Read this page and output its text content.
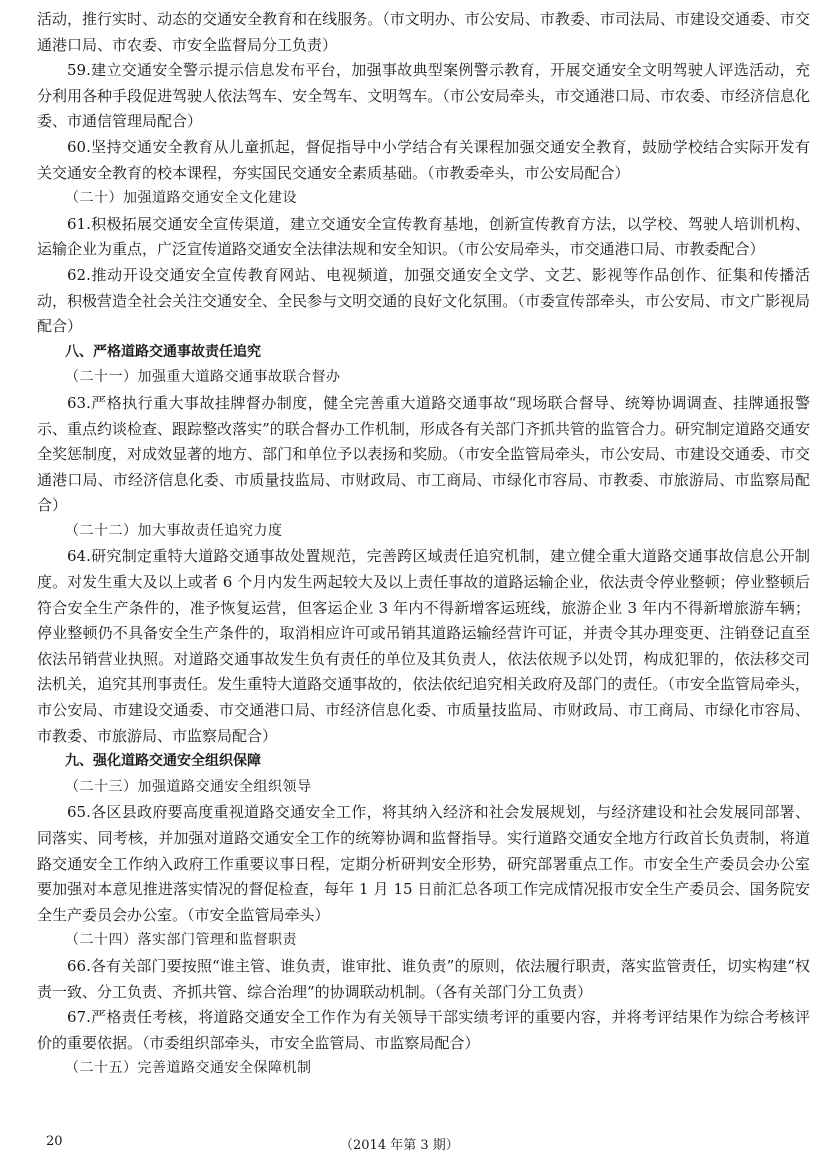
活动，推行实时、动态的交通安全教育和在线服务。（市文明办、市公安局、市教委、市司法局、市建设交通委、市交通港口局、市农委、市安全监督局分工负责）

59.建立交通安全警示提示信息发布平台，加强事故典型案例警示教育，开展交通安全文明驾驶人评选活动，充分利用各种手段促进驾驶人依法驾车、安全驾车、文明驾车。（市公安局牵头，市交通港口局、市农委、市经济信息化委、市通信管理局配合）

60.坚持交通安全教育从儿童抓起，督促指导中小学结合有关课程加强交通安全教育，鼓励学校结合实际开发有关交通安全教育的校本课程，夯实国民交通安全素质基础。（市教委牵头，市公安局配合）

（二十）加强道路交通安全文化建设

61.积极拓展交通安全宣传渠道，建立交通安全宣传教育基地，创新宣传教育方法，以学校、驾驶人培训机构、运输企业为重点，广泛宣传道路交通安全法律法规和安全知识。（市公安局牵头，市交通港口局、市教委配合）

62.推动开设交通安全宣传教育网站、电视频道，加强交通安全文学、文艺、影视等作品创作、征集和传播活动，积极营造全社会关注交通安全、全民参与文明交通的良好文化氛围。（市委宣传部牵头，市公安局、市文广影视局配合）

八、严格道路交通事故责任追究

（二十一）加强重大道路交通事故联合督办

63.严格执行重大事故挂牌督办制度，健全完善重大道路交通事故“现场联合督导、统筹协调调查、挂牌通报警示、重点约谈检查、跟踪整改落实”的联合督办工作机制，形成各有关部门齐抓共管的监管合力。研究制定道路交通安全奖惩制度，对成效显著的地方、部门和单位予以表扬和奖励。（市安全监管局牵头，市公安局、市建设交通委、市交通港口局、市经济信息化委、市质量技监局、市财政局、市工商局、市绿化市容局、市教委、市旅游局、市监察局配合）

（二十二）加大事故责任追究力度

64.研究制定重特大道路交通事故处置规范，完善跨区域责任追究机制，建立健全重大道路交通事故信息公开制度。对发生重大及以上或者 6 个月内发生两起较大及以上责任事故的道路运输企业，依法责令停业整顿；停业整顿后符合安全生产条件的，准予恢复运营，但客运企业 3 年内不得新增客运班线，旅游企业 3 年内不得新增旅游车辆；停业整顿仍不具备安全生产条件的，取消相应许可或吊销其道路运输经营许可证，并责令其办理变更、注销登记直至依法吊销营业执照。对道路交通事故发生负有责任的单位及其负责人，依法依规予以处罚，构成犯罪的，依法移交司法机关，追究其刑事责任。发生重特大道路交通事故的，依法依纪追究相关政府及部门的责任。（市安全监管局牵头，市公安局、市建设交通委、市交通港口局、市经济信息化委、市质量技监局、市财政局、市工商局、市绿化市容局、市教委、市旅游局、市监察局配合）

九、强化道路交通安全组织保障

（二十三）加强道路交通安全组织领导

65.各区县政府要高度重视道路交通安全工作，将其纳入经济和社会发展规划，与经济建设和社会发展同部署、同落实、同考核，并加强对道路交通安全工作的统筹协调和监督指导。实行道路交通安全地方行政首长负责制，将道路交通安全工作纳入政府工作重要议事日程，定期分析研判安全形势，研究部署重点工作。市安全生产委员会办公室要加强对本意见推进落实情况的督促检查，每年 1 月 15 日前汇总各项工作完成情况报市安全生产委员会、国务院安全生产委员会办公室。（市安全监管局牵头）

（二十四）落实部门管理和监督职责

66.各有关部门要按照“谁主管、谁负责，谁审批、谁负责”的原则，依法履行职责，落实监管责任，切实构建“权责一致、分工负责、齐抓共管、综合治理”的协调联动机制。（各有关部门分工负责）

67.严格责任考核，将道路交通安全工作作为有关领导干部实绩考评的重要内容，并将考评结果作为综合考核评价的重要依据。（市委组织部牵头，市安全监管局、市监察局配合）

（二十五）完善道路交通安全保障机制

20	（2014 年第 3 期）
